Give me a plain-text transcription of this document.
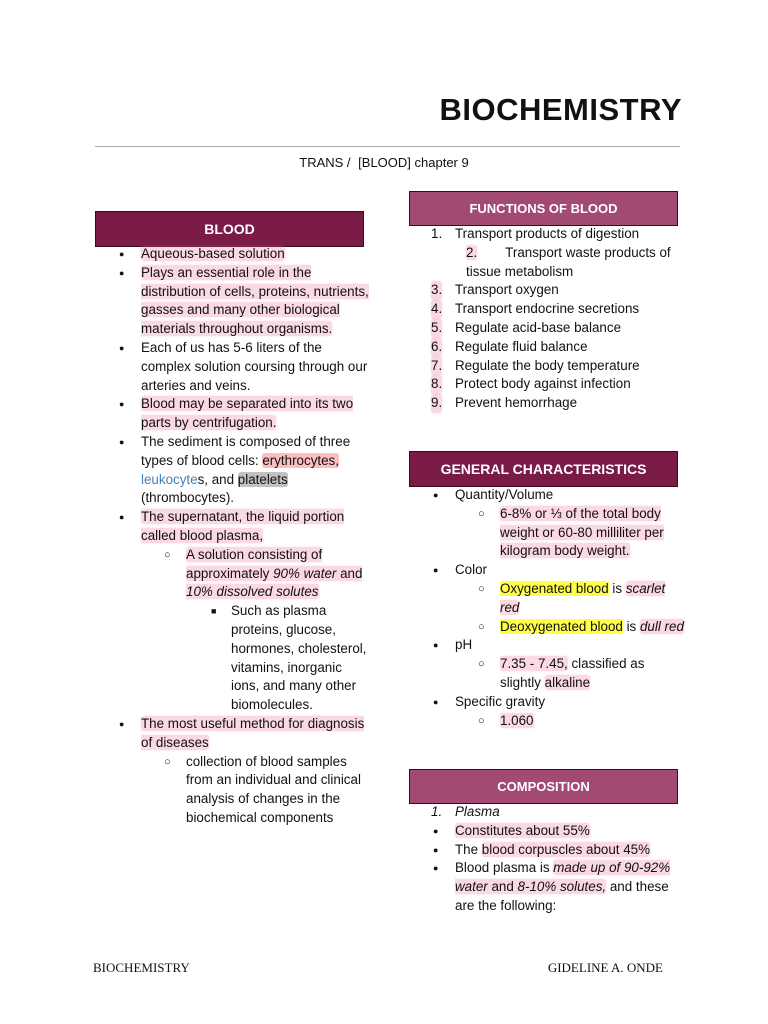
BIOCHEMISTRY
TRANS / [BLOOD] chapter 9
BLOOD
● Aqueous-based solution
● Plays an essential role in the distribution of cells, proteins, nutrients, gasses and many other biological materials throughout organisms.
● Each of us has 5-6 liters of the complex solution coursing through our arteries and veins.
● Blood may be separated into its two parts by centrifugation.
● The sediment is composed of three types of blood cells: erythrocytes, leukocytes, and platelets (thrombocytes).
● The supernatant, the liquid portion called blood plasma,
○ A solution consisting of approximately 90% water and 10% dissolved solutes
■ Such as plasma proteins, glucose, hormones, cholesterol, vitamins, inorganic ions, and many other biomolecules.
● The most useful method for diagnosis of diseases
○ collection of blood samples from an individual and clinical analysis of changes in the biochemical components
FUNCTIONS OF BLOOD
1. Transport products of digestion
2. Transport waste products of tissue metabolism
3. Transport oxygen
4. Transport endocrine secretions
5. Regulate acid-base balance
6. Regulate fluid balance
7. Regulate the body temperature
8. Protect body against infection
9. Prevent hemorrhage
GENERAL CHARACTERISTICS
● Quantity/Volume
○ 6-8% or ⅓ of the total body weight or 60-80 milliliter per kilogram body weight.
● Color
○ Oxygenated blood is scarlet red
○ Deoxygenated blood is dull red
● pH
○ 7.35 - 7.45, classified as slightly alkaline
● Specific gravity
○ 1.060
COMPOSITION
1. Plasma
● Constitutes about 55%
● The blood corpuscles about 45%
● Blood plasma is made up of 90-92% water and 8-10% solutes, and these are the following:
BIOCHEMISTRY	GIDELINE A. ONDE
